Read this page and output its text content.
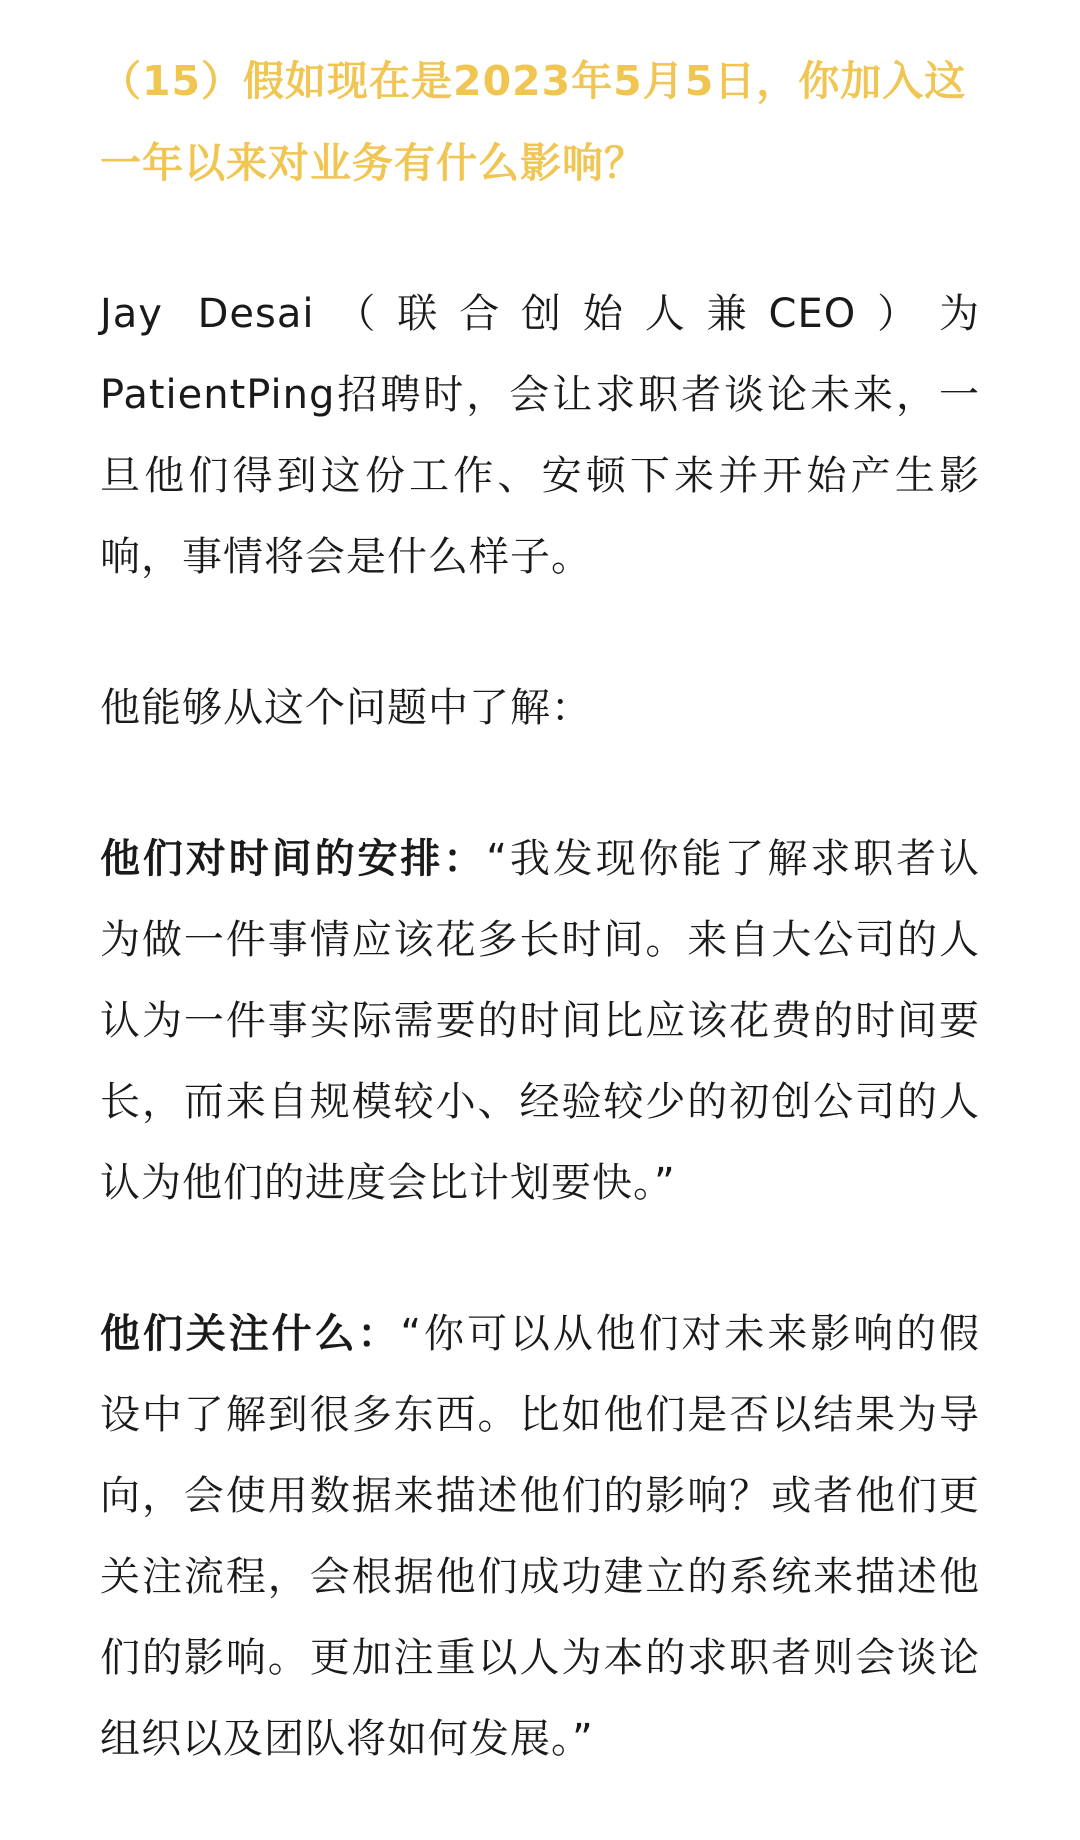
（15）假如现在是2023年5月5日，你加入这一年以来对业务有什么影响？

Jay Desai（联合创始人兼CEO）为PatientPing招聘时，会让求职者谈论未来，一旦他们得到这份工作、安顿下来并开始产生影响，事情将会是什么样子。

他能够从这个问题中了解：

他们对时间的安排：“我发现你能了解求职者认为做一件事情应该花多长时间。来自大公司的人认为一件事实际需要的时间比应该花费的时间要长，而来自规模较小、经验较少的初创公司的人认为他们的进度会比计划要快。”

他们关注什么：“你可以从他们对未来影响的假设中了解到很多东西。比如他们是否以结果为导向，会使用数据来描述他们的影响？或者他们更关注流程，会根据他们成功建立的系统来描述他们的影响。更加注重以人为本的求职者则会谈论组织以及团队将如何发展。”
